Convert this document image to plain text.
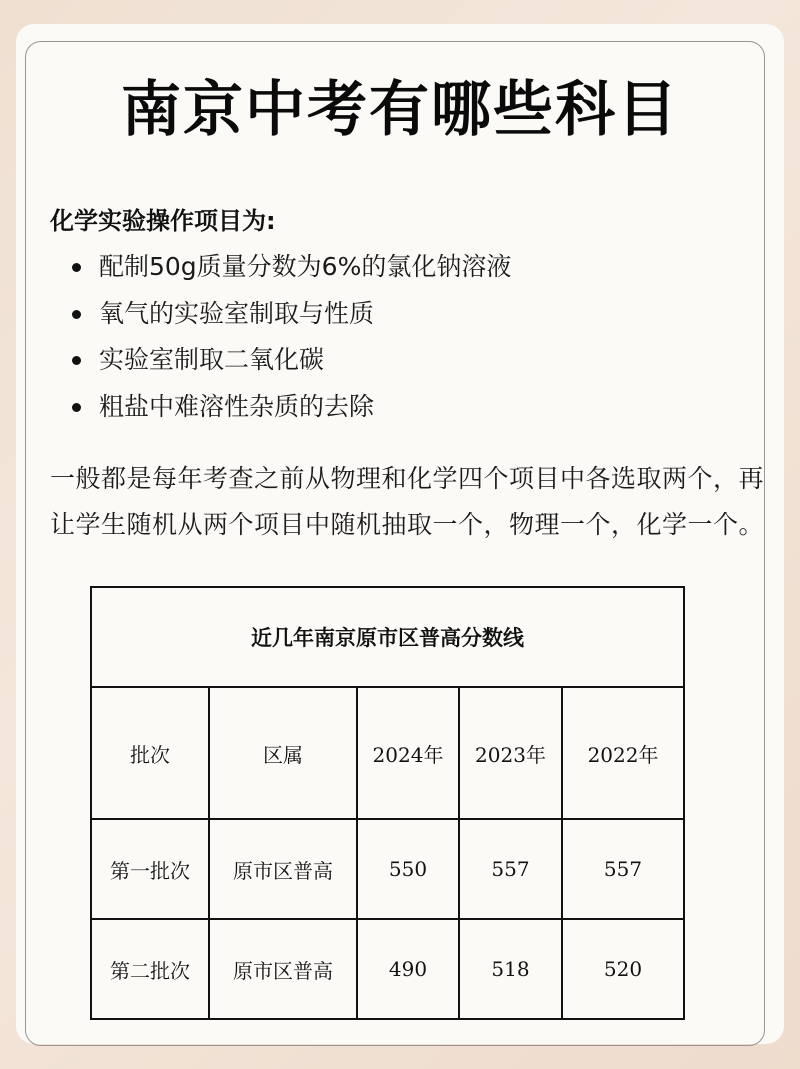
南京中考有哪些科目
化学实验操作项目为:
配制50g质量分数为6%的氯化钠溶液
氧气的实验室制取与性质
实验室制取二氧化碳
粗盐中难溶性杂质的去除
一般都是每年考查之前从物理和化学四个项目中各选取两个，再让学生随机从两个项目中随机抽取一个，物理一个，化学一个。
近几年南京原市区普高分数线				
批次	区属	2024年	2023年	2022年
第一批次	原市区普高	550	557	557
第二批次	原市区普高	490	518	520
